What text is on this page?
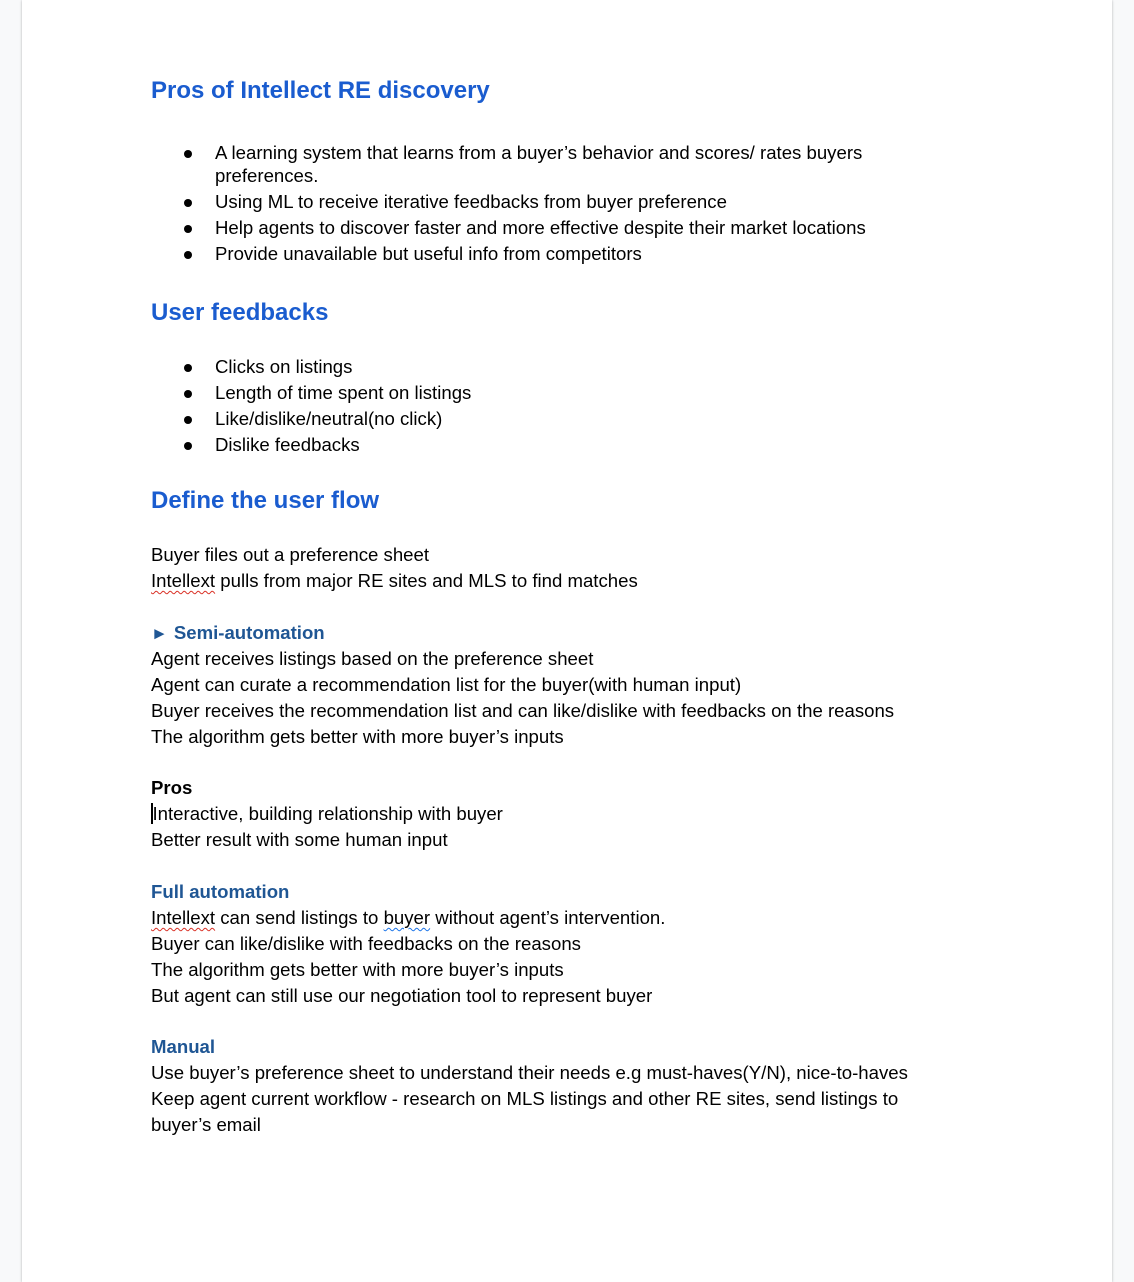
Pros of Intellect RE discovery
A learning system that learns from a buyer’s behavior and scores/ rates buyers preferences.
Using ML to receive iterative feedbacks from buyer preference
Help agents to discover faster and more effective despite their market locations
Provide unavailable but useful info from competitors
User feedbacks
Clicks on listings
Length of time spent on listings
Like/dislike/neutral(no click)
Dislike feedbacks
Define the user flow
Buyer files out a preference sheet
Intellext pulls from major RE sites and MLS to find matches
► Semi-automation
Agent receives listings based on the preference sheet
Agent can curate a recommendation list for the buyer(with human input)
Buyer receives the recommendation list and can like/dislike with feedbacks on the reasons
The algorithm gets better with more buyer’s inputs
Pros
Interactive, building relationship with buyer
Better result with some human input
Full automation
Intellext can send listings to buyer without agent’s intervention.
Buyer can like/dislike with feedbacks on the reasons
The algorithm gets better with more buyer’s inputs
But agent can still use our negotiation tool to represent buyer
Manual
Use buyer’s preference sheet to understand their needs e.g must-haves(Y/N), nice-to-haves
Keep agent current workflow - research on MLS listings and other RE sites, send listings to buyer’s email
